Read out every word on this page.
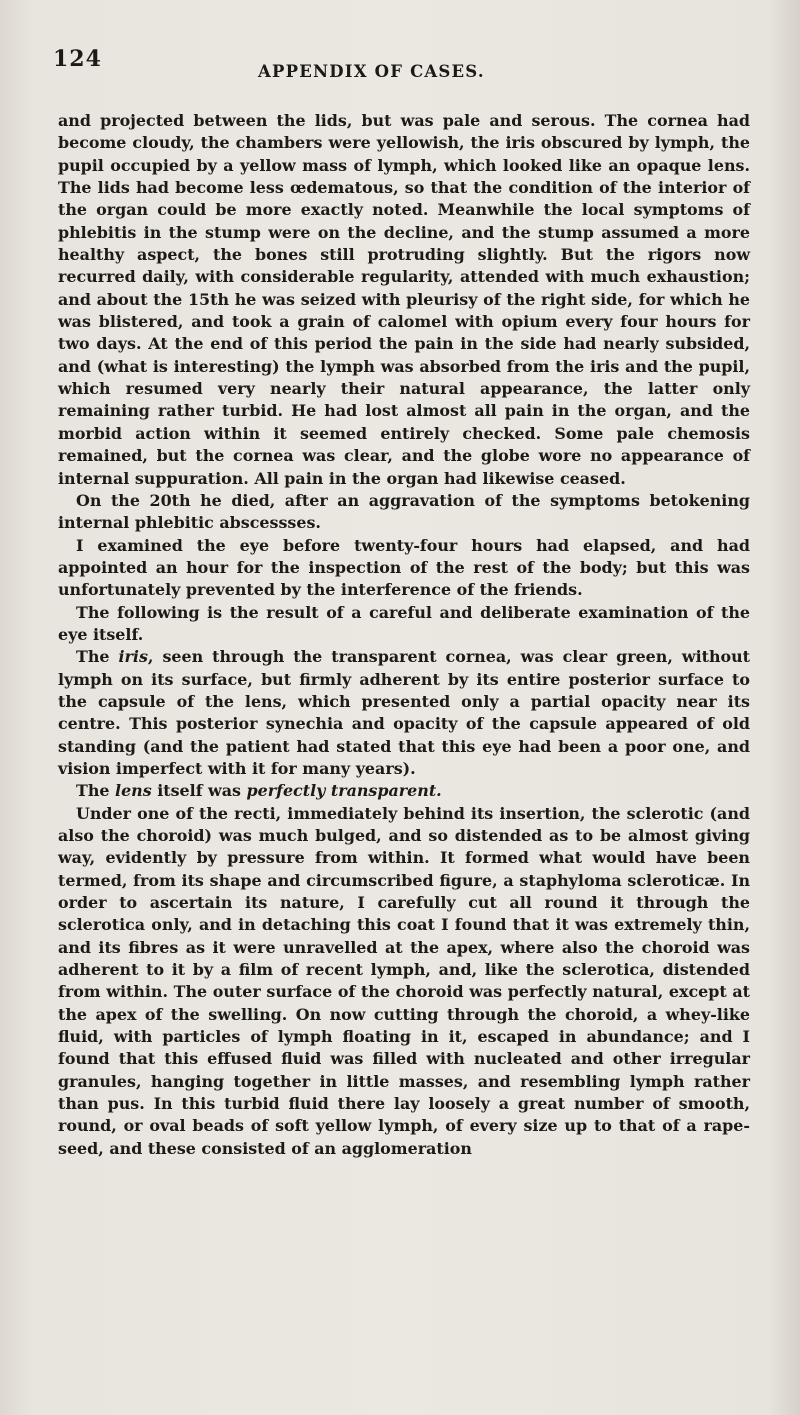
124	APPENDIX OF CASES.

and projected between the lids, but was pale and serous. The cornea had become cloudy, the chambers were yellowish, the iris obscured by lymph, the pupil occupied by a yellow mass of lymph, which looked like an opaque lens. The lids had become less œdematous, so that the condition of the interior of the organ could be more exactly noted. Meanwhile the local symptoms of phlebitis in the stump were on the decline, and the stump assumed a more healthy aspect, the bones still protruding slightly. But the rigors now recurred daily, with considerable regularity, attended with much exhaustion; and about the 15th he was seized with pleurisy of the right side, for which he was blistered, and took a grain of calomel with opium every four hours for two days. At the end of this period the pain in the side had nearly subsided, and (what is interesting) the lymph was absorbed from the iris and the pupil, which resumed very nearly their natural appearance, the latter only remaining rather turbid. He had lost almost all pain in the organ, and the morbid action within it seemed entirely checked. Some pale chemosis remained, but the cornea was clear, and the globe wore no appearance of internal suppuration. All pain in the organ had likewise ceased.

On the 20th he died, after an aggravation of the symptoms betokening internal phlebitic abscessses.

I examined the eye before twenty-four hours had elapsed, and had appointed an hour for the inspection of the rest of the body; but this was unfortunately prevented by the interference of the friends.

The following is the result of a careful and deliberate examination of the eye itself.

The iris, seen through the transparent cornea, was clear green, without lymph on its surface, but firmly adherent by its entire posterior surface to the capsule of the lens, which presented only a partial opacity near its centre. This posterior synechia and opacity of the capsule appeared of old standing (and the patient had stated that this eye had been a poor one, and vision imperfect with it for many years).

The lens itself was perfectly transparent.

Under one of the recti, immediately behind its insertion, the sclerotic (and also the choroid) was much bulged, and so distended as to be almost giving way, evidently by pressure from within. It formed what would have been termed, from its shape and circumscribed figure, a staphyloma scleroticæ. In order to ascertain its nature, I carefully cut all round it through the sclerotica only, and in detaching this coat I found that it was extremely thin, and its fibres as it were unravelled at the apex, where also the choroid was adherent to it by a film of recent lymph, and, like the sclerotica, distended from within. The outer surface of the choroid was perfectly natural, except at the apex of the swelling. On now cutting through the choroid, a whey-like fluid, with particles of lymph floating in it, escaped in abundance; and I found that this effused fluid was filled with nucleated and other irregular granules, hanging together in little masses, and resembling lymph rather than pus. In this turbid fluid there lay loosely a great number of smooth, round, or oval beads of soft yellow lymph, of every size up to that of a rape-seed, and these consisted of an agglomeration
